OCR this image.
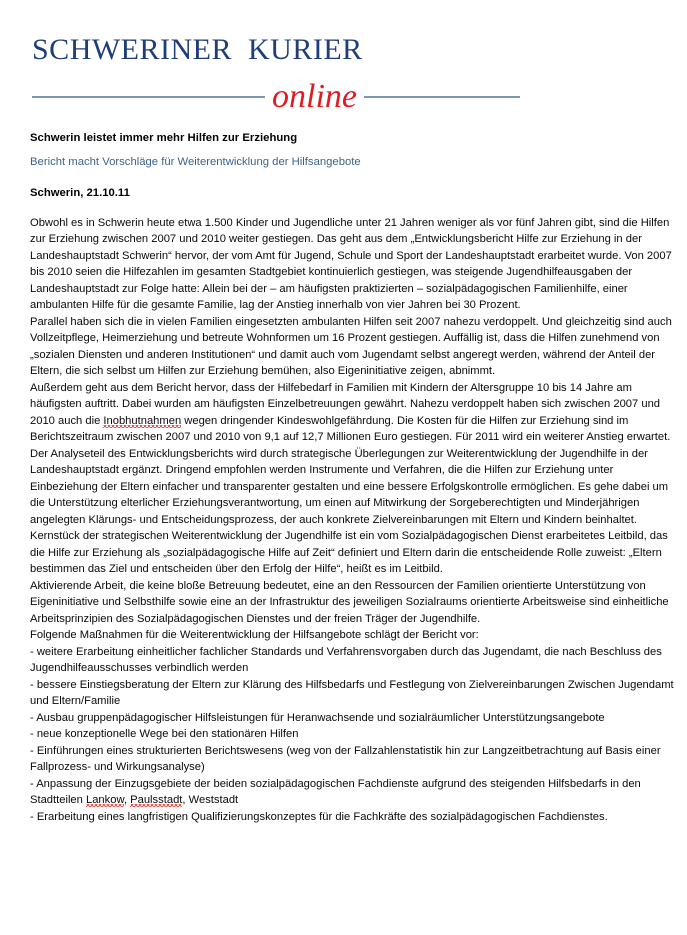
schweriner kurier
online
Schwerin leistet immer mehr Hilfen zur Erziehung
Bericht macht Vorschläge für Weiterentwicklung der Hilfsangebote
Schwerin, 21.10.11

Obwohl es in Schwerin heute etwa 1.500 Kinder und Jugendliche unter 21 Jahren weniger als vor fünf Jahren gibt, sind die Hilfen zur Erziehung zwischen 2007 und 2010 weiter gestiegen. Das geht aus dem „Entwicklungsbericht Hilfe zur Erziehung in der Landeshauptstadt Schwerin“ hervor, der vom Amt für Jugend, Schule und Sport der Landeshauptstadt erarbeitet wurde. Von 2007 bis 2010 seien die Hilfezahlen im gesamten Stadtgebiet kontinuierlich gestiegen, was steigende Jugendhilfeausgaben der Landeshauptstadt zur Folge hatte: Allein bei der – am häufigsten praktizierten – sozialpädagogischen Familienhilfe, einer ambulanten Hilfe für die gesamte Familie, lag der Anstieg innerhalb von vier Jahren bei 30 Prozent.

Parallel haben sich die in vielen Familien eingesetzten ambulanten Hilfen seit 2007 nahezu verdoppelt. Und gleichzeitig sind auch Vollzeitpflege, Heimerziehung und betreute Wohnformen um 16 Prozent gestiegen. Auffällig ist, dass die Hilfen zunehmend von „sozialen Diensten und anderen Institutionen“ und damit auch vom Jugendamt selbst angeregt werden, während der Anteil der Eltern, die sich selbst um Hilfen zur Erziehung bemühen, also Eigeninitiative zeigen, abnimmt.

Außerdem geht aus dem Bericht hervor, dass der Hilfebedarf in Familien mit Kindern der Altersgruppe 10 bis 14 Jahre am häufigsten auftritt. Dabei wurden am häufigsten Einzelbetreuungen gewährt. Nahezu verdoppelt haben sich zwischen 2007 und 2010 auch die Inobhutnahmen wegen dringender Kindeswohlgefährdung. Die Kosten für die Hilfen zur Erziehung sind im Berichtszeitraum zwischen 2007 und 2010 von 9,1 auf 12,7 Millionen Euro gestiegen. Für 2011 wird ein weiterer Anstieg erwartet.

Der Analyseteil des Entwicklungsberichts wird durch strategische Überlegungen zur Weiterentwicklung der Jugendhilfe in der Landeshauptstadt ergänzt. Dringend empfohlen werden Instrumente und Verfahren, die die Hilfen zur Erziehung unter Einbeziehung der Eltern einfacher und transparenter gestalten und eine bessere Erfolgskontrolle ermöglichen. Es gehe dabei um die Unterstützung elterlicher Erziehungsverantwortung, um einen auf Mitwirkung der Sorgeberechtigten und Minderjährigen angelegten Klärungs- und Entscheidungsprozess, der auch konkrete Zielvereinbarungen mit Eltern und Kindern beinhaltet.

Kernstück der strategischen Weiterentwicklung der Jugendhilfe ist ein vom Sozialpädagogischen Dienst erarbeitetes Leitbild, das die Hilfe zur Erziehung als „sozialpädagogische Hilfe auf Zeit“ definiert und Eltern darin die entscheidende Rolle zuweist: „Eltern bestimmen das Ziel und entscheiden über den Erfolg der Hilfe“, heißt es im Leitbild.

Aktivierende Arbeit, die keine bloße Betreuung bedeutet, eine an den Ressourcen der Familien orientierte Unterstützung von Eigeninitiative und Selbsthilfe sowie eine an der Infrastruktur des jeweiligen Sozialraums orientierte Arbeitsweise sind einheitliche Arbeitsprinzipien des Sozialpädagogischen Dienstes und der freien Träger der Jugendhilfe.

Folgende Maßnahmen für die Weiterentwicklung der Hilfsangebote schlägt der Bericht vor:

- weitere Erarbeitung einheitlicher fachlicher Standards und Verfahrensvorgaben durch das Jugendamt, die nach Beschluss des Jugendhilfeausschusses verbindlich werden

- bessere Einstiegsberatung der Eltern zur Klärung des Hilfsbedarfs und Festlegung von Zielvereinbarungen Zwischen Jugendamt und Eltern/Familie

- Ausbau gruppenpädagogischer Hilfsleistungen für Heranwachsende und sozialräumlicher Unterstützungsangebote

- neue konzeptionelle Wege bei den stationären Hilfen

- Einführungen eines strukturierten Berichtswesens (weg von der Fallzahlenstatistik hin zur Langzeitbetrachtung auf Basis einer Fallprozess- und Wirkungsanalyse)

- Anpassung der Einzugsgebiete der beiden sozialpädagogischen Fachdienste aufgrund des steigenden Hilfsbedarfs in den Stadtteilen Lankow, Paulsstadt, Weststadt

- Erarbeitung eines langfristigen Qualifizierungskonzeptes für die Fachkräfte des sozialpädagogischen Fachdienstes.
